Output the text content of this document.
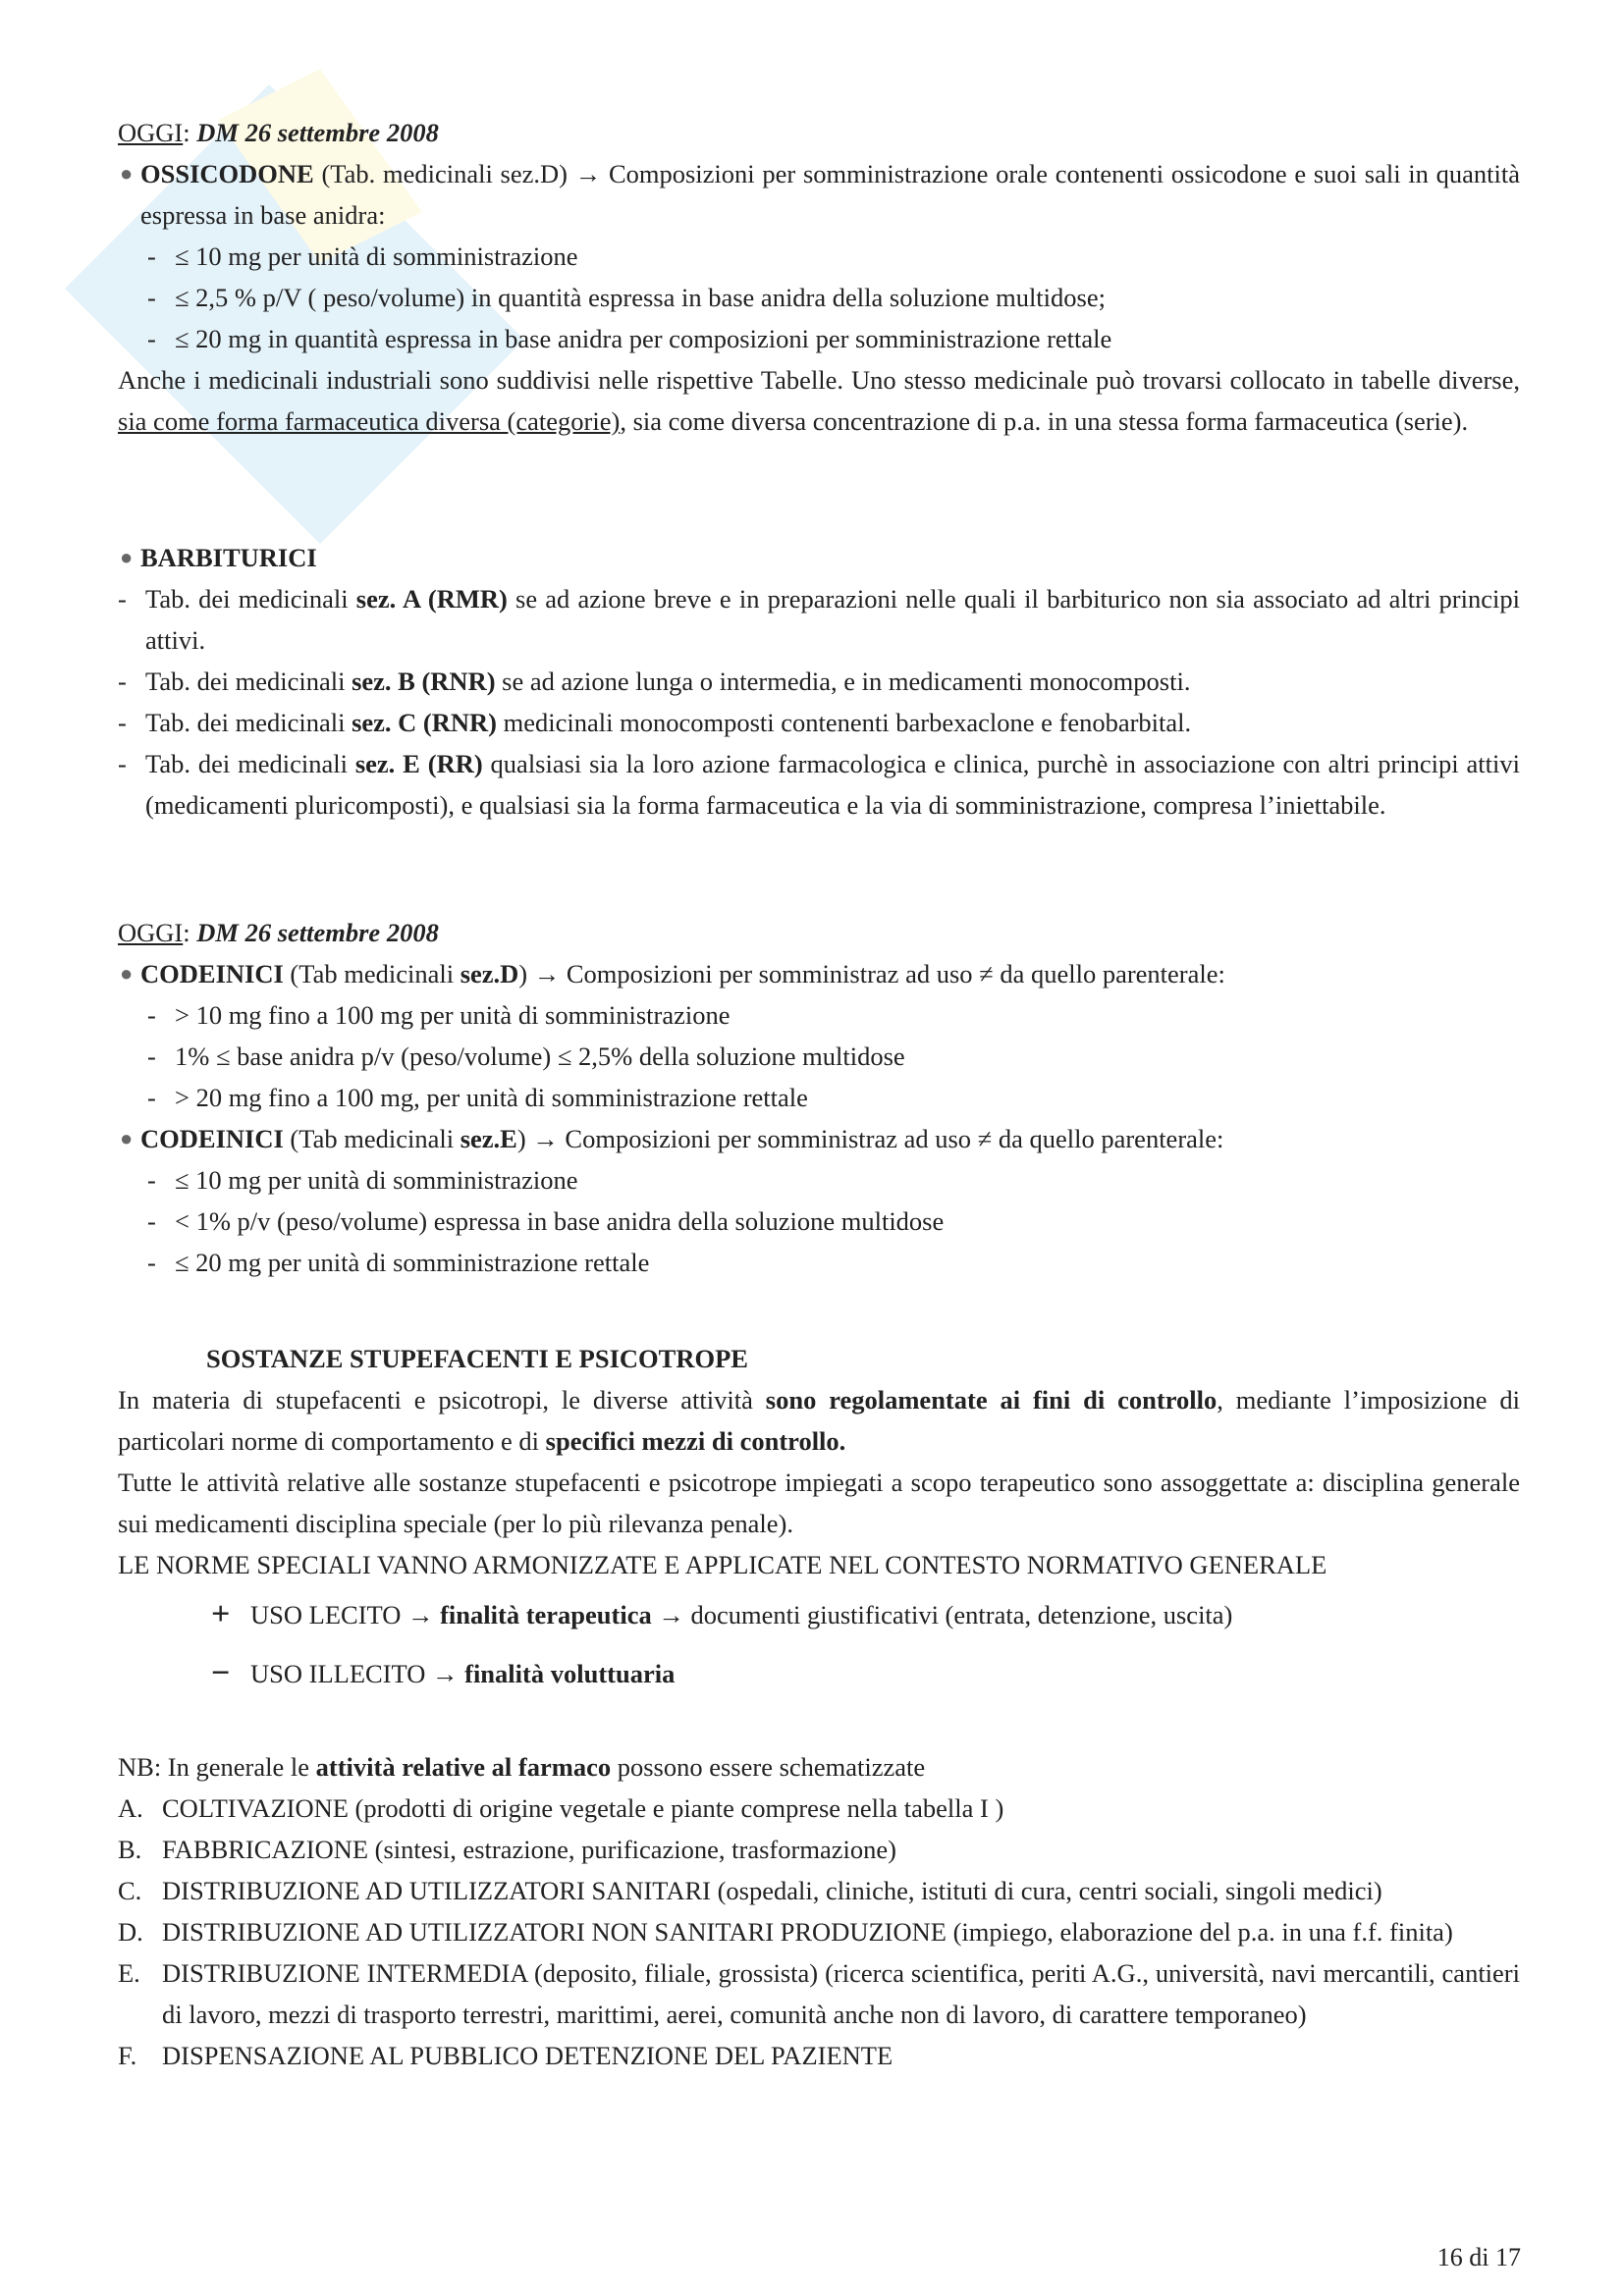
OGGI: DM 26 settembre 2008
● OSSICODONE (Tab. medicinali sez.D) → Composizioni per somministrazione orale contenenti ossicodone e suoi sali in quantità espressa in base anidra:
- ≤ 10 mg per unità di somministrazione
- ≤ 2,5 % p/V ( peso/volume) in quantità espressa in base anidra della soluzione multidose;
- ≤ 20 mg in quantità espressa in base anidra per composizioni per somministrazione rettale
Anche i medicinali industriali sono suddivisi nelle rispettive Tabelle. Uno stesso medicinale può trovarsi collocato in tabelle diverse, sia come forma farmaceutica diversa (categorie), sia come diversa concentrazione di p.a. in una stessa forma farmaceutica (serie).
● BARBITURICI
- Tab. dei medicinali sez. A (RMR) se ad azione breve e in preparazioni nelle quali il barbiturico non sia associato ad altri principi attivi.
- Tab. dei medicinali sez. B (RNR) se ad azione lunga o intermedia, e in medicamenti monocomposti.
- Tab. dei medicinali sez. C (RNR) medicinali monocomposti contenenti barbexaclone e fenobarbital.
- Tab. dei medicinali sez. E (RR) qualsiasi sia la loro azione farmacologica e clinica, purchè in associazione con altri principi attivi (medicamenti pluricomposti), e qualsiasi sia la forma farmaceutica e la via di somministrazione, compresa l’iniettabile.
OGGI: DM 26 settembre 2008
● CODEINICI (Tab medicinali sez.D) → Composizioni per somministraz ad uso ≠ da quello parenterale:
- > 10 mg fino a 100 mg per unità di somministrazione
- 1% ≤ base anidra p/v (peso/volume) ≤ 2,5% della soluzione multidose
- > 20 mg fino a 100 mg, per unità di somministrazione rettale
● CODEINICI (Tab medicinali sez.E) → Composizioni per somministraz ad uso ≠ da quello parenterale:
- ≤ 10 mg per unità di somministrazione
- < 1% p/v (peso/volume) espressa in base anidra della soluzione multidose
- ≤ 20 mg per unità di somministrazione rettale
SOSTANZE STUPEFACENTI E PSICOTROPE
In materia di stupefacenti e psicotropi, le diverse attività sono regolamentate ai fini di controllo, mediante l’imposizione di particolari norme di comportamento e di specifici mezzi di controllo.
Tutte le attività relative alle sostanze stupefacenti e psicotrope impiegati a scopo terapeutico sono assoggettate a: disciplina generale sui medicamenti disciplina speciale (per lo più rilevanza penale).
LE NORME SPECIALI VANNO ARMONIZZATE E APPLICATE NEL CONTESTO NORMATIVO GENERALE
+ USO LECITO → finalità terapeutica → documenti giustificativi (entrata, detenzione, uscita)
− USO ILLECITO → finalità voluttuaria
NB: In generale le attività relative al farmaco possono essere schematizzate
A. COLTIVAZIONE (prodotti di origine vegetale e piante comprese nella tabella I )
B. FABBRICAZIONE (sintesi, estrazione, purificazione, trasformazione)
C. DISTRIBUZIONE AD UTILIZZATORI SANITARI (ospedali, cliniche, istituti di cura, centri sociali, singoli medici)
D. DISTRIBUZIONE AD UTILIZZATORI NON SANITARI PRODUZIONE (impiego, elaborazione del p.a. in una f.f. finita)
E. DISTRIBUZIONE INTERMEDIA (deposito, filiale, grossista) (ricerca scientifica, periti A.G., università, navi mercantili, cantieri di lavoro, mezzi di trasporto terrestri, marittimi, aerei, comunità anche non di lavoro, di carattere temporaneo)
F. DISPENSAZIONE AL PUBBLICO DETENZIONE DEL PAZIENTE
16 di 17
